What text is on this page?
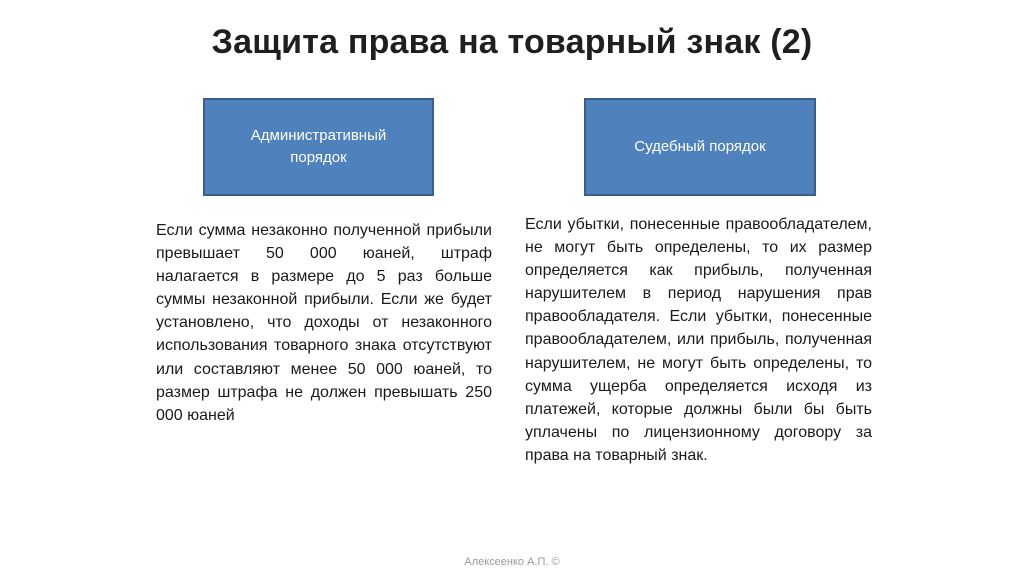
Защита права на товарный знак (2)
Административный порядок
Судебный порядок
Если сумма незаконно полученной прибыли превышает 50 000 юаней, штраф налагается в размере до 5 раз больше суммы незаконной прибыли. Если же будет установлено, что доходы от незаконного использования товарного знака отсутствуют или составляют менее 50 000 юаней, то размер штрафа не должен превышать 250 000 юаней
Если убытки, понесенные правообладателем, не могут быть определены, то их размер определяется как прибыль, полученная нарушителем в период нарушения прав правообладателя. Если убытки, понесенные правообладателем, или прибыль, полученная нарушителем, не могут быть определены, то сумма ущерба определяется исходя из платежей, которые должны были бы быть уплачены по лицензионному договору за права на товарный знак.
Алексеенко А.П. ©
